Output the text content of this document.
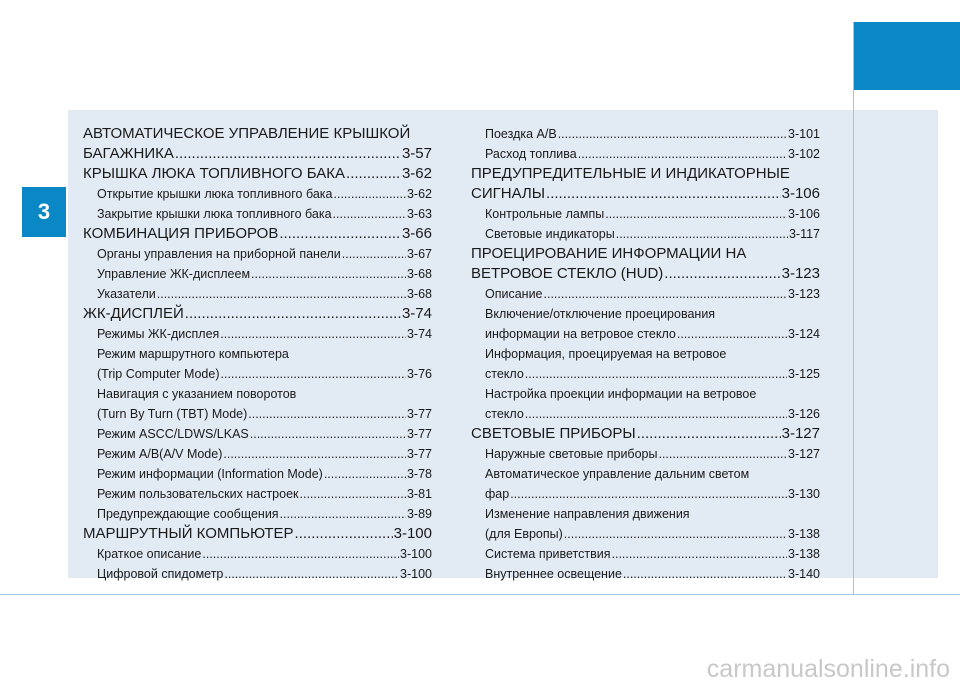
3
АВТОМАТИЧЕСКОЕ УПРАВЛЕНИЕ КРЫШКОЙ
БАГАЖНИКА .....	3-57
КРЫШКА ЛЮКА ТОПЛИВНОГО БАКА .....	3-62
Открытие крышки люка топливного бака .....	3-62
Закрытие крышки люка топливного бака .....	3-63
КОМБИНАЦИЯ ПРИБОРОВ .....	3-66
Органы управления на приборной панели .....	3-67
Управление ЖК-дисплеем .....	3-68
Указатели .....	3-68
ЖК-ДИСПЛЕЙ .....	3-74
Режимы ЖК-дисплея .....	3-74
Режим маршрутного компьютера
(Trip Computer Mode) .....	3-76
Навигация с указанием поворотов
(Turn By Turn (TBT) Mode) .....	3-77
Режим ASCC/LDWS/LKAS .....	3-77
Режим A/B(A/V Mode) .....	3-77
Режим информации (Information Mode) .....	3-78
Режим пользовательских настроек .....	3-81
Предупреждающие сообщения .....	3-89
МАРШРУТНЫЙ КОМПЬЮТЕР .....	3-100
Краткое описание .....	3-100
Цифровой спидометр .....	3-100
Поездка A/B .....	3-101
Расход топлива .....	3-102
ПРЕДУПРЕДИТЕЛЬНЫЕ И ИНДИКАТОРНЫЕ
СИГНАЛЫ .....	3-106
Контрольные лампы .....	3-106
Световые индикаторы .....	3-117
ПРОЕЦИРОВАНИЕ ИНФОРМАЦИИ НА
ВЕТРОВОЕ СТЕКЛО (HUD) .....	3-123
Описание .....	3-123
Включение/отключение проецирования
информации на ветровое стекло .....	3-124
Информация, проецируемая на ветровое
стекло .....	3-125
Настройка проекции информации на ветровое
стекло .....	3-126
СВЕТОВЫЕ ПРИБОРЫ .....	3-127
Наружные световые приборы .....	3-127
Автоматическое управление дальним светом
фар .....	3-130
Изменение направления движения
(для Европы) .....	3-138
Система приветствия .....	3-138
Внутреннее освещение .....	3-140
carmanualsonline.info
